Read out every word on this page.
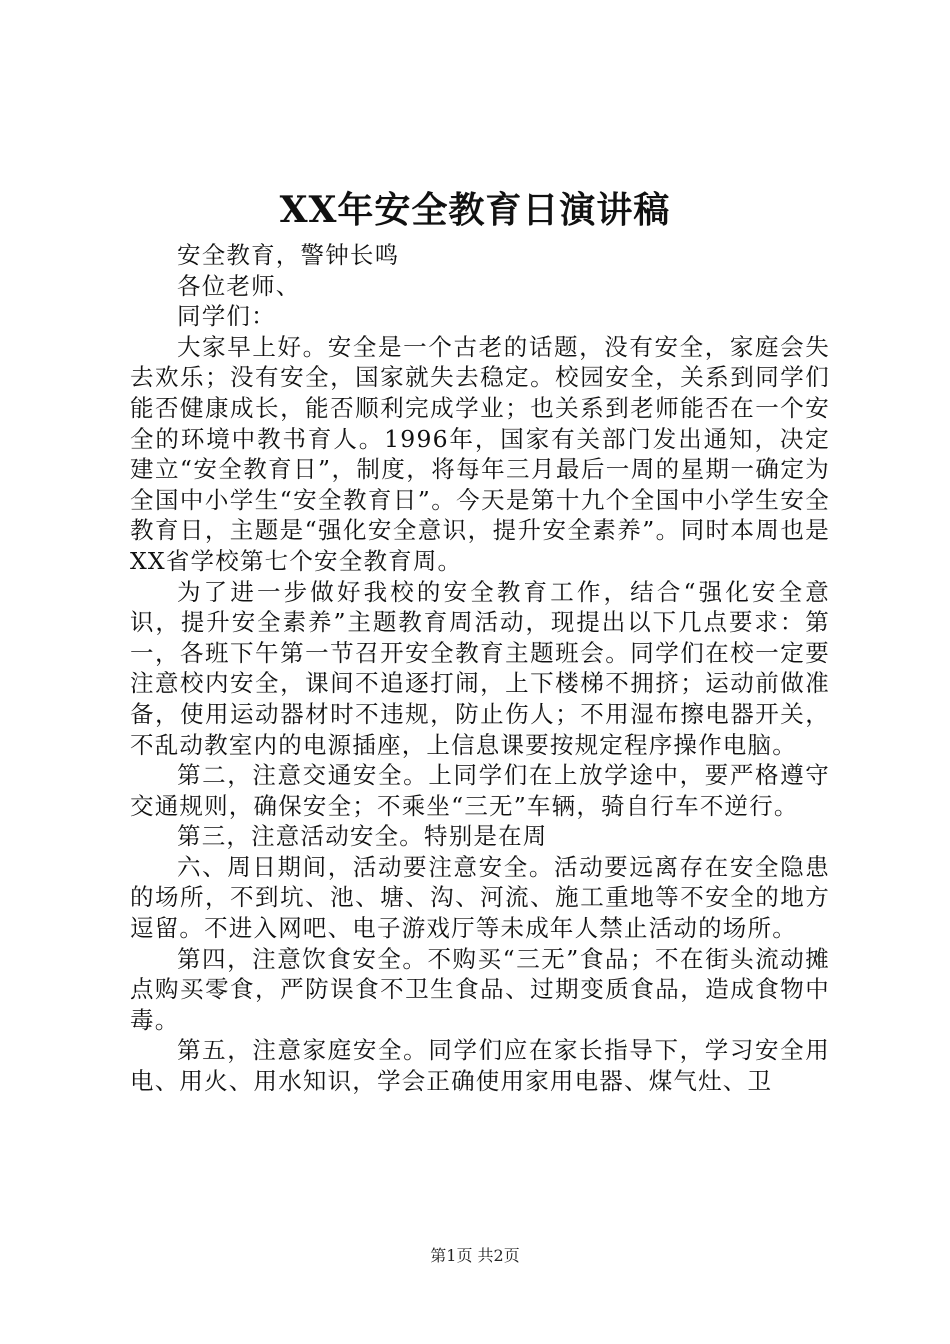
XX年安全教育日演讲稿

安全教育，警钟长鸣

各位老师、

同学们：

大家早上好。安全是一个古老的话题，没有安全，家庭会失去欢乐；没有安全，国家就失去稳定。校园安全，关系到同学们能否健康成长，能否顺利完成学业；也关系到老师能否在一个安全的环境中教书育人。1996年，国家有关部门发出通知，决定建立“安全教育日”，制度，将每年三月最后一周的星期一确定为全国中小学生“安全教育日”。今天是第十九个全国中小学生安全教育日，主题是“强化安全意识，提升安全素养”。同时本周也是XX省学校第七个安全教育周。

为了进一步做好我校的安全教育工作，结合“强化安全意识，提升安全素养”主题教育周活动，现提出以下几点要求：第一，各班下午第一节召开安全教育主题班会。同学们在校一定要注意校内安全，课间不追逐打闹，上下楼梯不拥挤；运动前做准备，使用运动器材时不违规，防止伤人；不用湿布擦电器开关，不乱动教室内的电源插座，上信息课要按规定程序操作电脑。

第二，注意交通安全。上同学们在上放学途中，要严格遵守交通规则，确保安全；不乘坐“三无”车辆，骑自行车不逆行。

第三，注意活动安全。特别是在周

六、周日期间，活动要注意安全。活动要远离存在安全隐患的场所，不到坑、池、塘、沟、河流、施工重地等不安全的地方逗留。不进入网吧、电子游戏厅等未成年人禁止活动的场所。

第四，注意饮食安全。不购买“三无”食品；不在街头流动摊点购买零食，严防误食不卫生食品、过期变质食品，造成食物中毒。

第五，注意家庭安全。同学们应在家长指导下，学习安全用电、用火、用水知识，学会正确使用家用电器、煤气灶、卫

第1页 共2页
